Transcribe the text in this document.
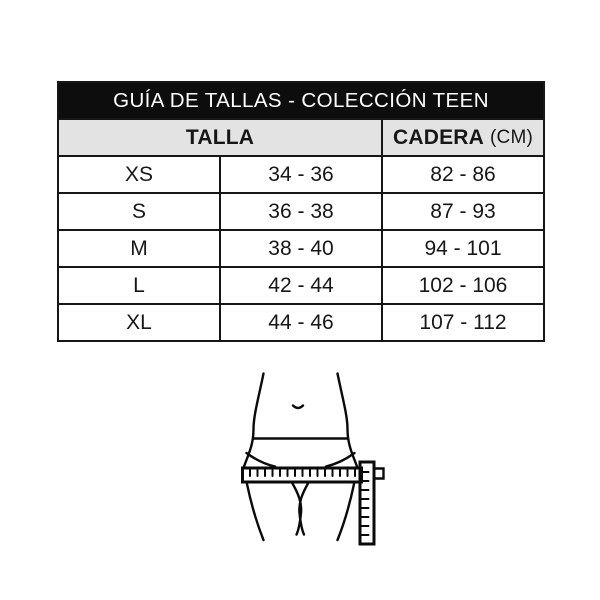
GUÍA DE TALLAS - COLECCIÓN TEEN
TALLA	CADERA (CM)
XS	34 - 36	82 - 86
S	36 - 38	87 - 93
M	38 - 40	94 - 101
L	42 - 44	102 - 106
XL	44 - 46	107 - 112
